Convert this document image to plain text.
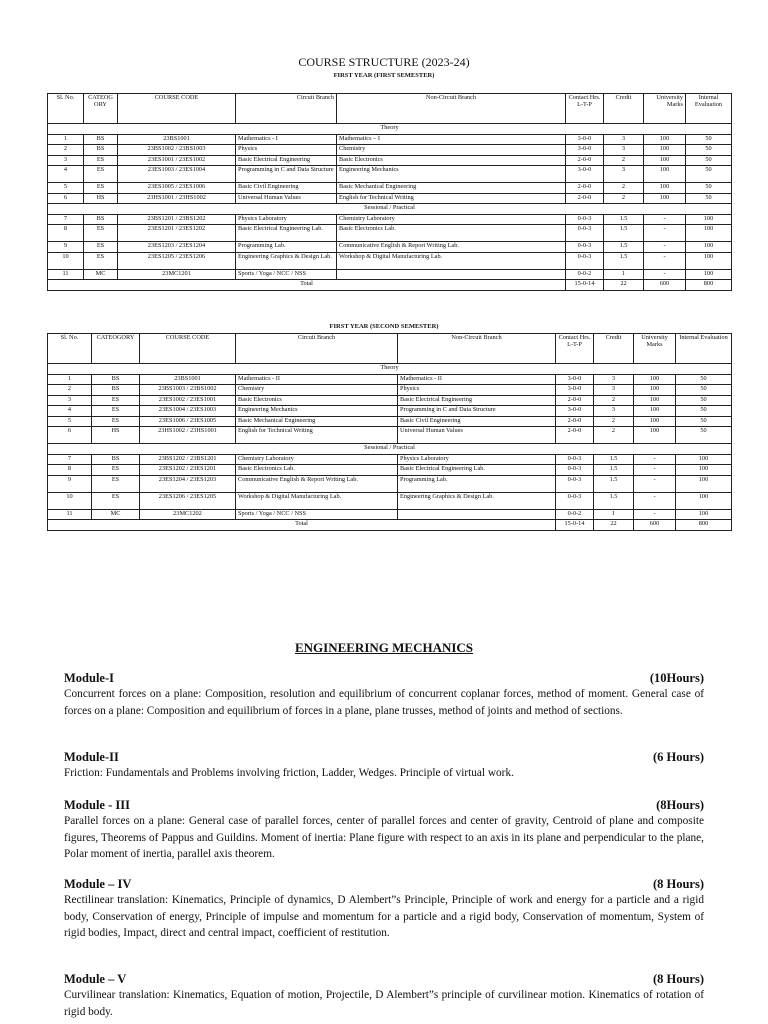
COURSE STRUCTURE (2023-24)
FIRST YEAR (FIRST SEMESTER)
Sl. No.	CATEOG ORY	COURSE CODE	Circuit Branch	Non-Circuit Branch	Contact Hrs. L-T-P	Credit	University Marks	Internal Evaluation
Theory								
1	BS	23BS1001	Mathematics - I	Mathematics – I	3-0-0	3	100	50
2	BS	23BS1002 / 23BS1003	Physics	Chemistry	3-0-0	3	100	50
3	ES	23ES1001 / 23ES1002	Basic Electrical Engineering	Basic Electronics	2-0-0	2	100	50
4	ES	23ES1003 / 23ES1004	Programming in C and Data Structure	Engineering Mechanics	3-0-0	3	100	50
5	ES	23ES1005 / 23ES1006	Basic Civil Engineering	Basic Mechanical Engineering	2-0-0	2	100	50
6	HS	23HS1001 / 23HS1002	Universal Human Values	English for Technical Writing	2-0-0	2	100	50
Sessional / Practical								
7	BS	23BS1201 / 23BS1202	Physics Laboratory	Chemistry Laboratory	0-0-3	1.5	-	100
8	ES	23ES1201 / 23ES1202	Basic Electrical Engineering Lab.	Basic Electronics Lab.	0-0-3	1.5	-	100
9	ES	23ES1203 / 23ES1204	Programming Lab.	Communicative English & Report Writing Lab.	0-0-3	1.5	-	100
10	ES	23ES1205 / 23ES1206	Engineering Graphics & Design Lab.	Workshop & Digital Manufacturing Lab.	0-0-3	1.5	-	100
11	MC	23MC1201	Sports / Yoga / NCC / NSS		0-0-2	1	-	100
Total					15-0-14	22	600	800
FIRST YEAR (SECOND SEMESTER)
Sl. No.	CATEOGORY	COURSE CODE	Circuit Branch	Non-Circuit Branch	Contact Hrs. L-T-P	Credit	University Marks	Internal Evaluation
Theory								
1	BS	23BS1001	Mathematics - II	Mathematics - II	3-0-0	3	100	50
2	BS	23BS1003 / 23BS1002	Chemistry	Physics	3-0-0	3	100	50
3	ES	23ES1002 / 23ES1001	Basic Electronics	Basic Electrical Engineering	2-0-0	2	100	50
4	ES	23ES1004 / 23ES1003	Engineering Mechanics	Programming in C and Data Structure	3-0-0	3	100	50
5	ES	23ES1006 / 23ES1005	Basic Mechanical Engineering	Basic Civil Engineering	2-0-0	2	100	50
6	HS	23HS1002 / 23HS1001	English for Technical Writing	Universal Human Values	2-0-0	2	100	50
Sessional / Practical								
7	BS	23BS1202 / 23BS1201	Chemistry Laboratory	Physics Laboratory	0-0-3	1.5	-	100
8	ES	23ES1202 / 23ES1201	Basic Electronics Lab.	Basic Electrical Engineering Lab.	0-0-3	1.5	-	100
9	ES	23ES1204 / 23ES1203	Communicative English & Report Writing Lab.	Programming Lab.	0-0-3	1.5	-	100
10	ES	23ES1206 / 23ES1205	Workshop & Digital Manufacturing Lab.	Engineering Graphics & Design Lab.	0-0-3	1.5	-	100
11	MC	23MC1202	Sports / Yoga / NCC / NSS		0-0-2	1	-	100
Total					15-0-14	22	600	800
ENGINEERING MECHANICS
Module-I	(10Hours)
Concurrent forces on a plane: Composition, resolution and equilibrium of concurrent coplanar forces, method of moment. General case of forces on a plane: Composition and equilibrium of forces in a plane, plane trusses, method of joints and method of sections.
Module-II	(6 Hours)
Friction: Fundamentals and Problems involving friction, Ladder, Wedges. Principle of virtual work.
Module - III	(8Hours)
Parallel forces on a plane: General case of parallel forces, center of parallel forces and center of gravity, Centroid of plane and composite figures, Theorems of Pappus and Guildins. Moment of inertia: Plane figure with respect to an axis in its plane and perpendicular to the plane, Polar moment of inertia, parallel axis theorem.
Module – IV	(8 Hours)
Rectilinear translation: Kinematics, Principle of dynamics, D Alembert”s Principle, Principle of work and energy for a particle and a rigid body, Conservation of energy, Principle of impulse and momentum for a particle and a rigid body, Conservation of momentum, System of rigid bodies, Impact, direct and central impact, coefficient of restitution.
Module – V	(8 Hours)
Curvilinear translation: Kinematics, Equation of motion, Projectile, D Alembert”s principle of curvilinear motion. Kinematics of rotation of rigid body.
